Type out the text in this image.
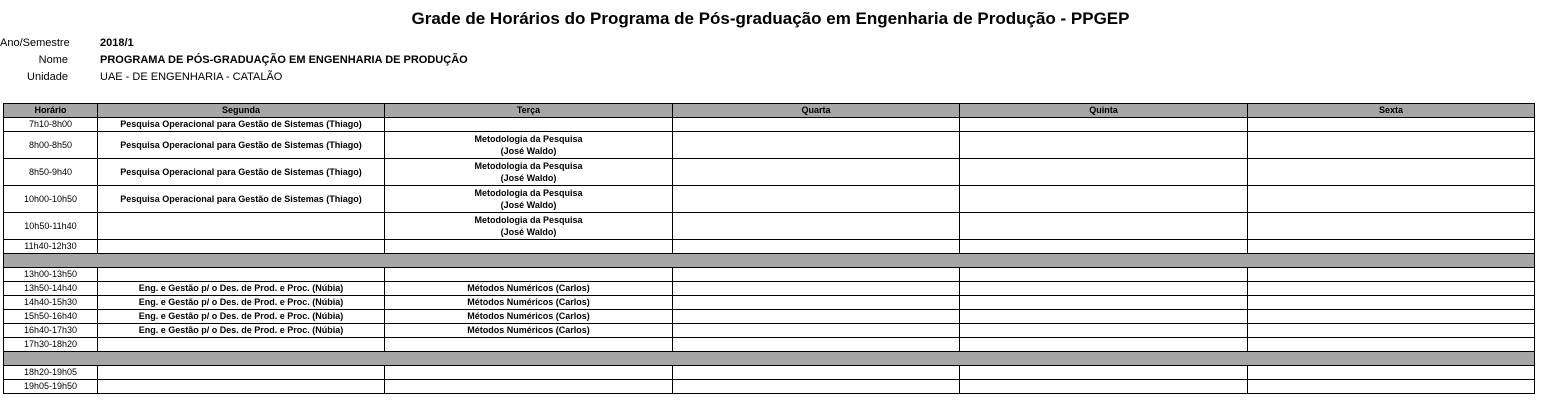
Grade de Horários do Programa de Pós-graduação em Engenharia de Produção - PPGEP
Ano/Semestre	2018/1
Nome	PROGRAMA DE PÓS-GRADUAÇÃO EM ENGENHARIA DE PRODUÇÃO
Unidade	UAE - DE ENGENHARIA - CATALÃO
Horário	Segunda	Terça	Quarta	Quinta	Sexta
7h10-8h00	Pesquisa Operacional para Gestão de Sistemas (Thiago)				
8h00-8h50	Pesquisa Operacional para Gestão de Sistemas (Thiago)	Metodologia da Pesquisa
(José Waldo)			
8h50-9h40	Pesquisa Operacional para Gestão de Sistemas (Thiago)	Metodologia da Pesquisa
(José Waldo)			
10h00-10h50	Pesquisa Operacional para Gestão de Sistemas (Thiago)	Metodologia da Pesquisa
(José Waldo)			
10h50-11h40		Metodologia da Pesquisa
(José Waldo)			
11h40-12h30					

13h00-13h50					
13h50-14h40	Eng. e Gestão p/ o Des. de Prod. e Proc. (Núbia)	Métodos Numéricos (Carlos)			
14h40-15h30	Eng. e Gestão p/ o Des. de Prod. e Proc. (Núbia)	Métodos Numéricos (Carlos)			
15h50-16h40	Eng. e Gestão p/ o Des. de Prod. e Proc. (Núbia)	Métodos Numéricos (Carlos)			
16h40-17h30	Eng. e Gestão p/ o Des. de Prod. e Proc. (Núbia)	Métodos Numéricos (Carlos)			
17h30-18h20					

18h20-19h05					
19h05-19h50					
